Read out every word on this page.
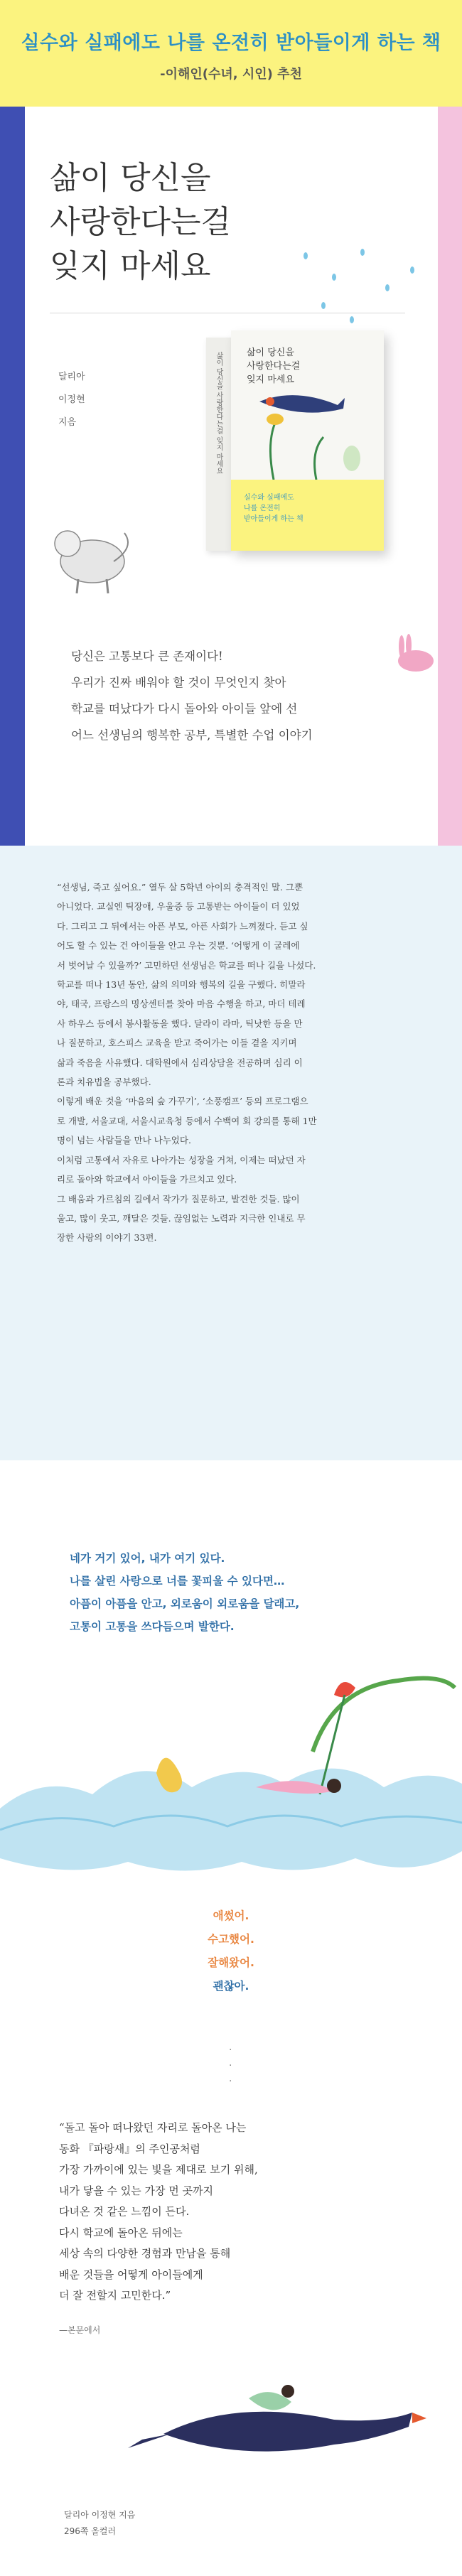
실수와 실패에도 나를 온전히 받아들이게 하는 책
-이해인(수녀, 시인) 추천
삶이 당신을
사랑한다는걸
잊지 마세요
달리아
이정현
지음	삶이 당신을 사랑한다는걸 잊지 마세요	삶이 당신을
사랑한다는걸
잊지 마세요
실수와 실패에도
나를 온전히
받아들이게 하는 책
당신은 고통보다 큰 존재이다!
우리가 진짜 배워야 할 것이 무엇인지 찾아
학교를 떠났다가 다시 돌아와 아이들 앞에 선
어느 선생님의 행복한 공부, 특별한 수업 이야기
“선생님, 죽고 싶어요.” 열두 살 5학년 아이의 충격적인 말. 그뿐
아니었다. 교실엔 틱장애, 우울증 등 고통받는 아이들이 더 있었
다. 그리고 그 뒤에서는 아픈 부모, 아픈 사회가 느껴졌다. 듣고 싶
어도 할 수 있는 건 아이들을 안고 우는 것뿐. ‘어떻게 이 굴레에
서 벗어날 수 있을까?’ 고민하던 선생님은 학교를 떠나 길을 나섰다.
학교를 떠나 13년 동안, 삶의 의미와 행복의 길을 구했다. 히말라
야, 태국, 프랑스의 명상센터를 찾아 마음 수행을 하고, 마더 테레
사 하우스 등에서 봉사활동을 했다. 달라이 라마, 틱낫한 등을 만
나 질문하고, 호스피스 교육을 받고 죽어가는 이들 곁을 지키며
삶과 죽음을 사유했다. 대학원에서 심리상담을 전공하며 심리 이
론과 치유법을 공부했다.
이렇게 배운 것을 ‘마음의 숲 가꾸기’, ‘소풍캠프’ 등의 프로그램으
로 개발, 서울교대, 서울시교육청 등에서 수백여 회 강의를 통해 1만
명이 넘는 사람들을 만나 나누었다.
이처럼 고통에서 자유로 나아가는 성장을 거쳐, 이제는 떠났던 자
리로 돌아와 학교에서 아이들을 가르치고 있다.
그 배움과 가르침의 길에서 작가가 질문하고, 발견한 것들. 많이
울고, 많이 웃고, 깨달은 것들. 끊임없는 노력과 지극한 인내로 무
장한 사랑의 이야기 33편.
네가 거기 있어, 내가 여기 있다.
나를 살린 사랑으로 너를 꽃피울 수 있다면…
아픔이 아픔을 안고, 외로움이 외로움을 달래고,
고통이 고통을 쓰다듬으며 발한다.
애썼어.
수고했어.
잘해왔어.
괜찮아.
.
.
.
“돌고 돌아 떠나왔던 자리로 돌아온 나는
동화 『파랑새』의 주인공처럼
가장 가까이에 있는 빛을 제대로 보기 위해,
내가 닿을 수 있는 가장 먼 곳까지
다녀온 것 같은 느낌이 든다.
다시 학교에 돌아온 뒤에는
세상 속의 다양한 경험과 만남을 통해
배운 것들을 어떻게 아이들에게
더 잘 전할지 고민한다.”
—본문에서
달리아 이정현 지음
296쪽 올컬러
